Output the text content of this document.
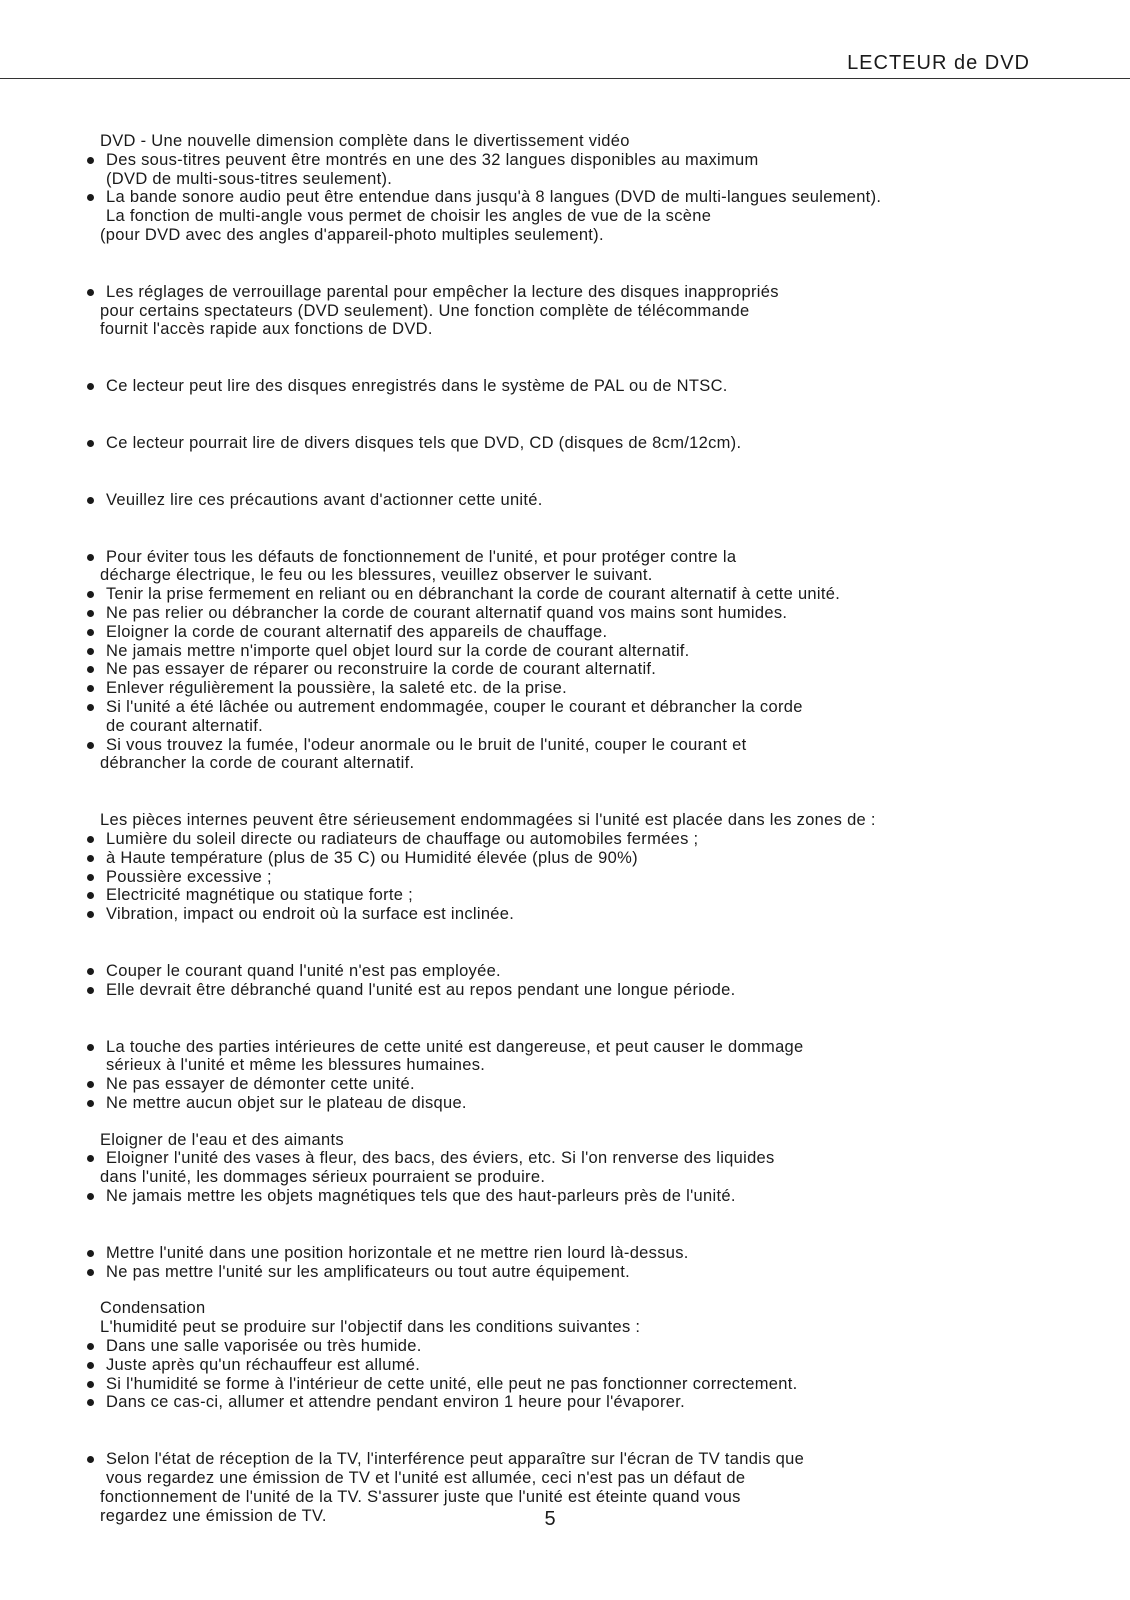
LECTEUR de DVD
DVD - Une nouvelle dimension complète dans le divertissement vidéo
Des sous-titres peuvent être montrés en une des 32 langues disponibles au maximum
(DVD de multi-sous-titres seulement).
La bande sonore audio peut être entendue dans jusqu'à 8 langues (DVD de multi-langues seulement).
La fonction de multi-angle vous permet de choisir les angles de vue de la scène
(pour DVD avec des angles d'appareil-photo multiples seulement).
Les réglages de verrouillage parental pour empêcher la lecture des disques inappropriés
pour certains spectateurs (DVD seulement). Une fonction complète de télécommande
fournit l'accès rapide aux fonctions de DVD.
Ce lecteur peut lire des disques enregistrés dans le système de PAL ou de NTSC.
Ce lecteur pourrait lire de divers disques tels que DVD, CD (disques de 8cm/12cm).
Veuillez lire ces précautions avant d'actionner cette unité.
Pour éviter tous les défauts de fonctionnement de l'unité, et pour protéger contre la
décharge électrique, le feu ou les blessures, veuillez observer le suivant.
Tenir la prise fermement en reliant ou en débranchant la corde de courant alternatif à cette unité.
Ne pas relier ou débrancher la corde de courant alternatif quand vos mains sont humides.
Eloigner la corde de courant alternatif des appareils de chauffage.
Ne jamais mettre n'importe quel objet lourd sur la corde de courant alternatif.
Ne pas essayer de réparer ou reconstruire la corde de courant alternatif.
Enlever régulièrement la poussière, la saleté etc. de la prise.
Si l'unité a été lâchée ou autrement endommagée, couper le courant et débrancher la corde
de courant alternatif.
Si vous trouvez la fumée, l'odeur anormale ou le bruit de l'unité, couper le courant et
débrancher la corde de courant alternatif.
Les pièces internes peuvent être sérieusement endommagées si l'unité est placée dans les zones de :
Lumière du soleil directe ou radiateurs de chauffage ou automobiles fermées ;
à Haute température (plus de 35 C) ou Humidité élevée (plus de 90%)
Poussière excessive ;
Electricité magnétique ou statique forte ;
Vibration, impact ou endroit où la surface est inclinée.
Couper le courant quand l'unité n'est pas employée.
Elle devrait être débranché quand l'unité est au repos pendant une longue période.
La touche des parties intérieures de cette unité est dangereuse, et peut causer le dommage
sérieux à l'unité et même les blessures humaines.
Ne pas essayer de démonter cette unité.
Ne mettre aucun objet sur le plateau de disque.
Eloigner de l'eau et des aimants
Eloigner l'unité des vases à fleur, des bacs, des éviers, etc. Si l'on renverse des liquides
dans l'unité, les dommages sérieux pourraient se produire.
Ne jamais mettre les objets magnétiques tels que des haut-parleurs près de l'unité.
Mettre l'unité dans une position horizontale et ne mettre rien lourd là-dessus.
Ne pas mettre l'unité sur les amplificateurs ou tout autre équipement.
Condensation
L'humidité peut se produire sur l'objectif dans les conditions suivantes :
Dans une salle vaporisée ou très humide.
Juste après qu'un réchauffeur est allumé.
Si l'humidité se forme à l'intérieur de cette unité, elle peut ne pas fonctionner correctement.
Dans ce cas-ci, allumer et attendre pendant environ 1 heure pour l'évaporer.
Selon l'état de réception de la TV, l'interférence peut apparaître sur l'écran de TV tandis que
vous regardez une émission de TV et l'unité est allumée, ceci n'est pas un défaut de
fonctionnement de l'unité de la TV. S'assurer juste que l'unité est éteinte quand vous
regardez une émission de TV.	5
